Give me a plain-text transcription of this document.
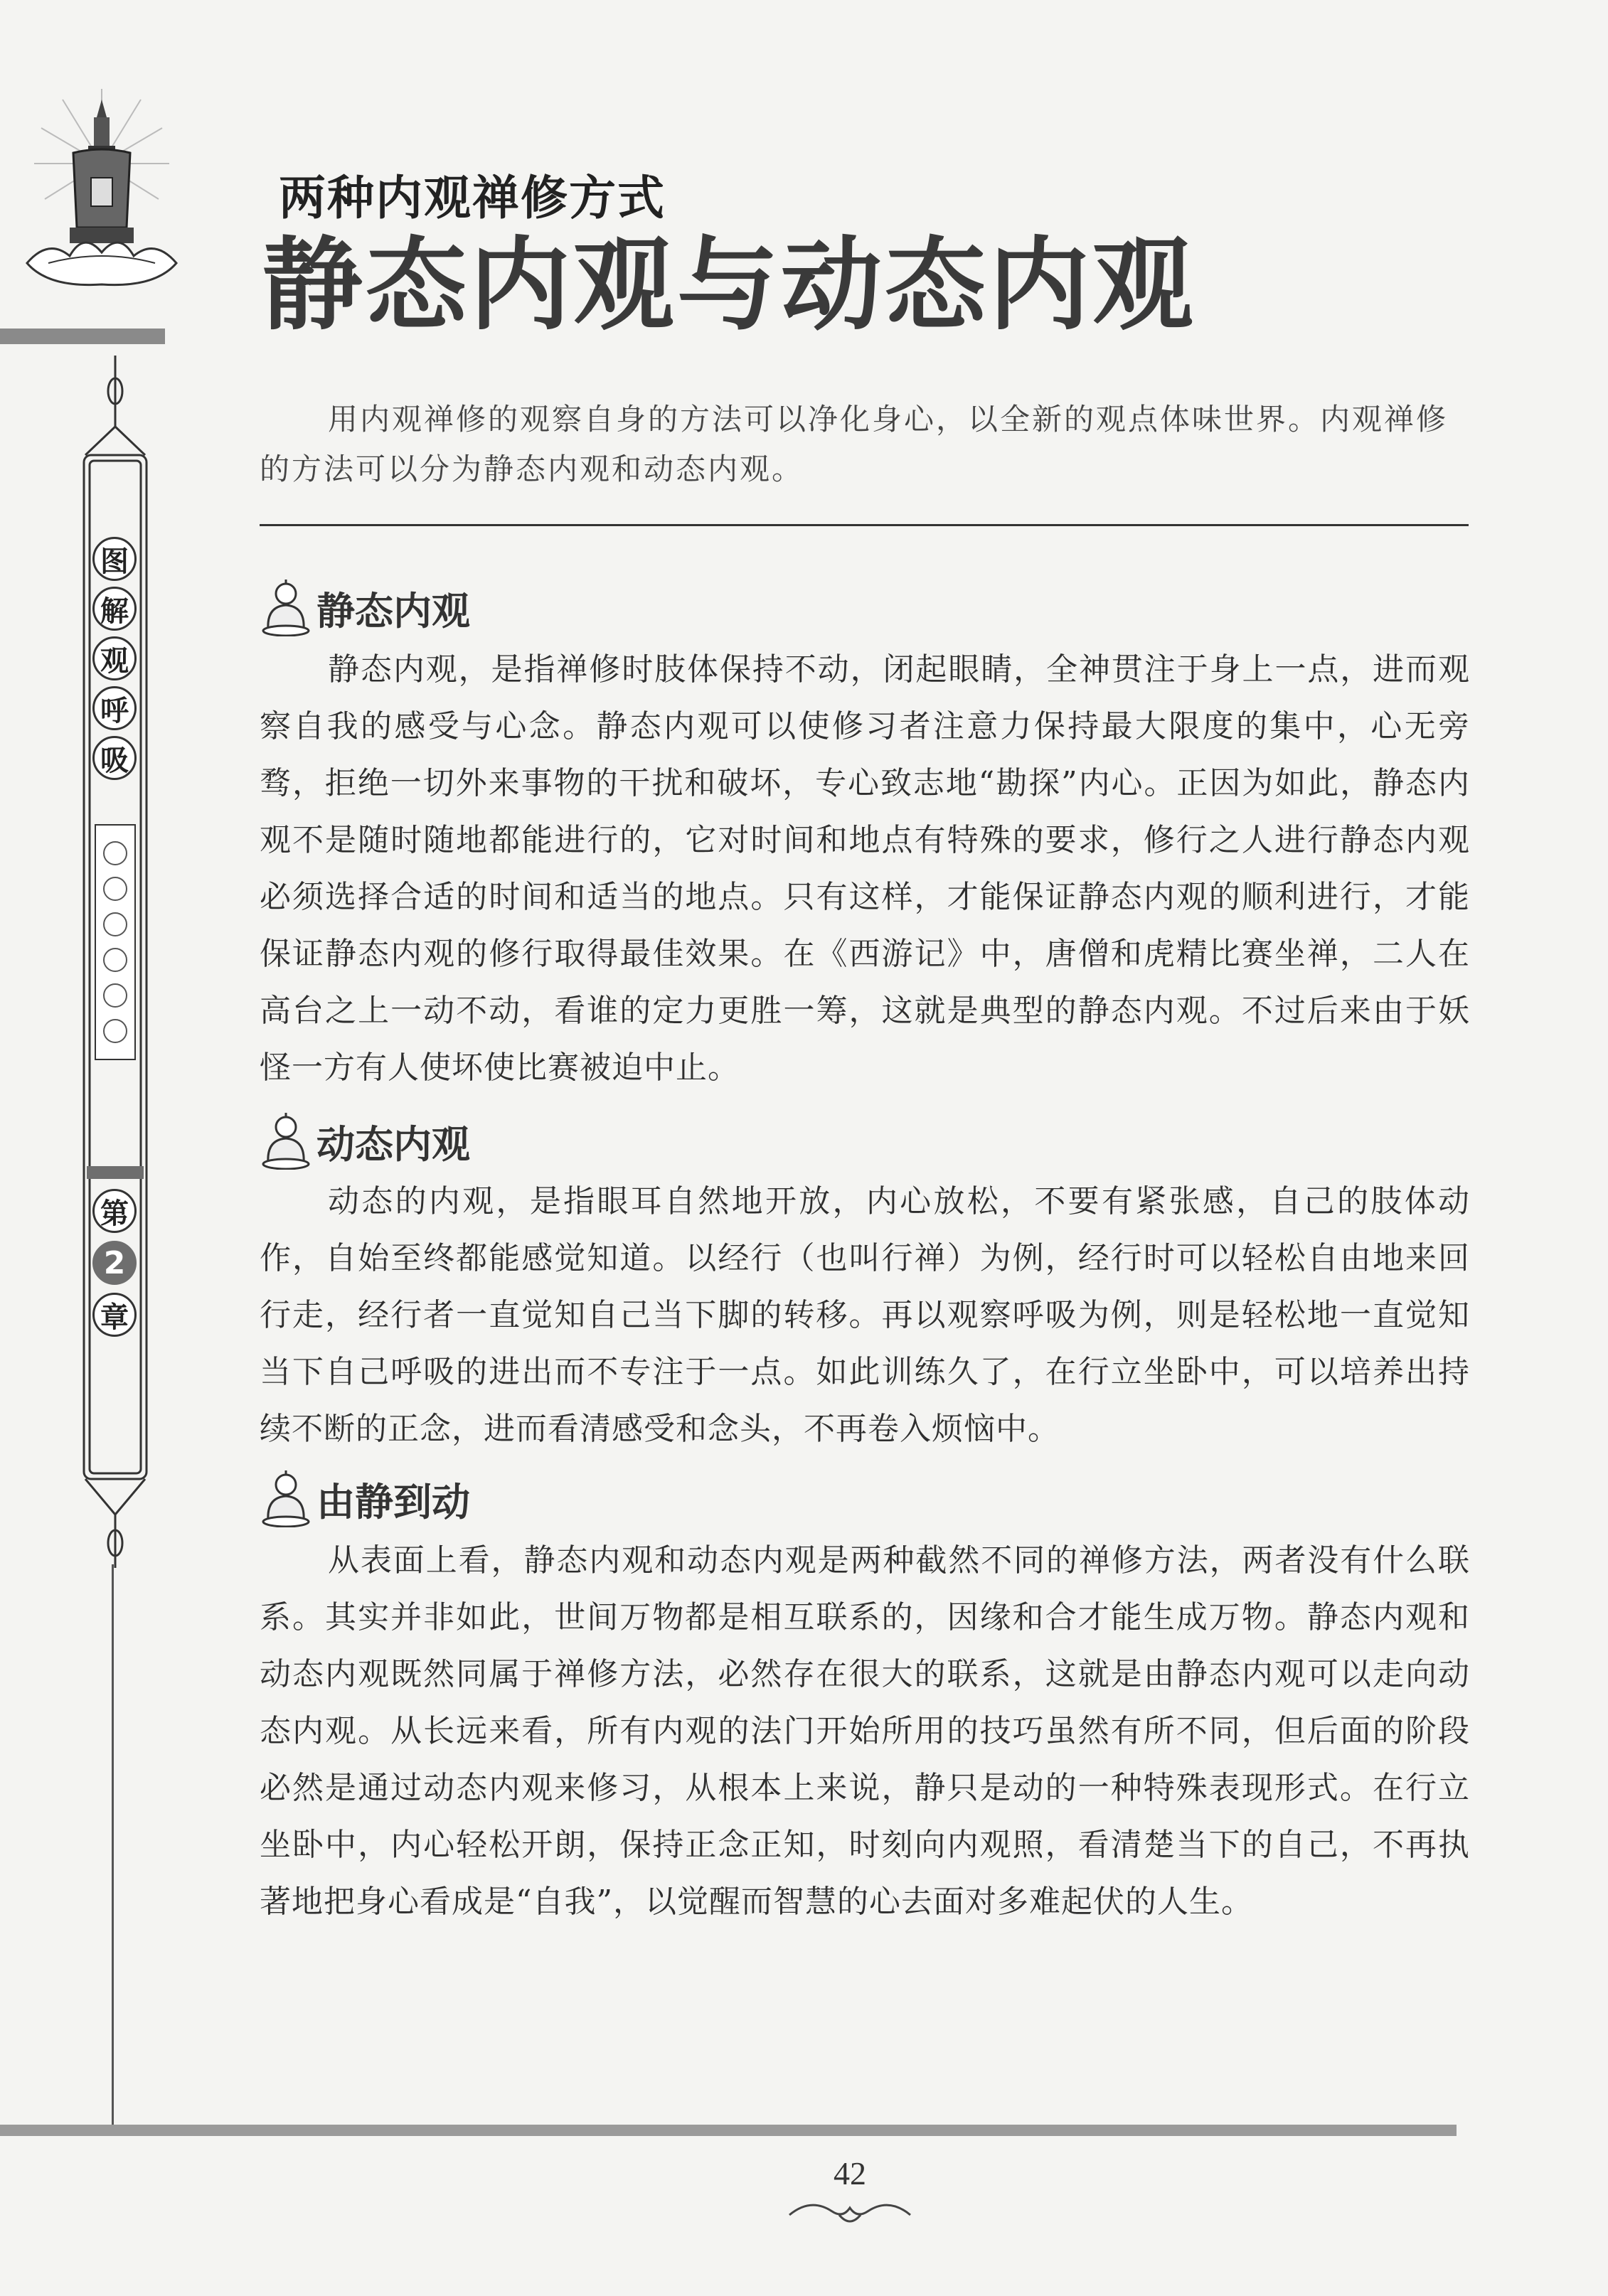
图
解
观
呼
吸
第
2
章
两种内观禅修方式
静态内观与动态内观
用内观禅修的观察自身的方法可以净化身心，以全新的观点体味世界。内观禅修的方法可以分为静态内观和动态内观。
静态内观
静态内观，是指禅修时肢体保持不动，闭起眼睛，全神贯注于身上一点，进而观察自我的感受与心念。静态内观可以使修习者注意力保持最大限度的集中，心无旁骛，拒绝一切外来事物的干扰和破坏，专心致志地“勘探”内心。正因为如此，静态内观不是随时随地都能进行的，它对时间和地点有特殊的要求，修行之人进行静态内观必须选择合适的时间和适当的地点。只有这样，才能保证静态内观的顺利进行，才能保证静态内观的修行取得最佳效果。在《西游记》中，唐僧和虎精比赛坐禅，二人在高台之上一动不动，看谁的定力更胜一筹，这就是典型的静态内观。不过后来由于妖怪一方有人使坏使比赛被迫中止。
动态内观
动态的内观，是指眼耳自然地开放，内心放松，不要有紧张感，自己的肢体动作，自始至终都能感觉知道。以经行（也叫行禅）为例，经行时可以轻松自由地来回行走，经行者一直觉知自己当下脚的转移。再以观察呼吸为例，则是轻松地一直觉知当下自己呼吸的进出而不专注于一点。如此训练久了，在行立坐卧中，可以培养出持续不断的正念，进而看清感受和念头，不再卷入烦恼中。
由静到动
从表面上看，静态内观和动态内观是两种截然不同的禅修方法，两者没有什么联系。其实并非如此，世间万物都是相互联系的，因缘和合才能生成万物。静态内观和动态内观既然同属于禅修方法，必然存在很大的联系，这就是由静态内观可以走向动态内观。从长远来看，所有内观的法门开始所用的技巧虽然有所不同，但后面的阶段必然是通过动态内观来修习，从根本上来说，静只是动的一种特殊表现形式。在行立坐卧中，内心轻松开朗，保持正念正知，时刻向内观照，看清楚当下的自己，不再执著地把身心看成是“自我”，以觉醒而智慧的心去面对多难起伏的人生。
42
